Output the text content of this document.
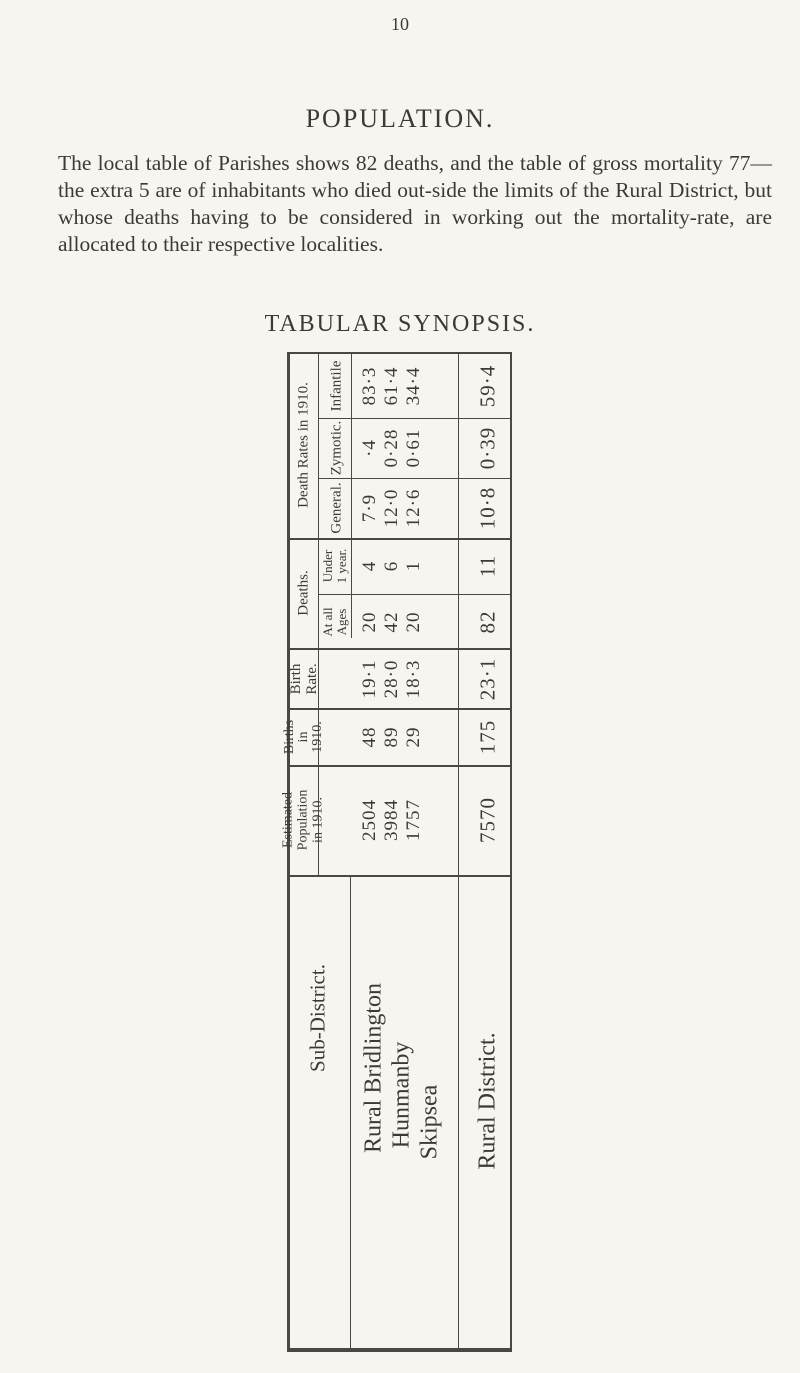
10
POPULATION.
The local table of Parishes shows 82 deaths, and the table of gross mortality 77—the extra 5 are of inhabitants who died out-side the limits of the Rural District, but whose deaths having to be considered in working out the mortality-rate, are allocated to their respective localities.
TABULAR SYNOPSIS.
Death Rates in 1910. Infantile
Zymotic.
General.
83·3 61·4 34·4 59·4
·4 0·28 0·61 0·39
7·9 12·0 12·6 10·8
Deaths.
Under
1 year.
At all
Ages
4 6 1 11
20 42 20 82
Birth
Rate. 19·1 28·0 18·3 23·1
Births
in
1910. 48 89 29 175
Estimated
Population
in 1910. 2504 3984 1757 7570
Sub-District. Rural Bridlington Hunmanby Skipsea Rural District.
